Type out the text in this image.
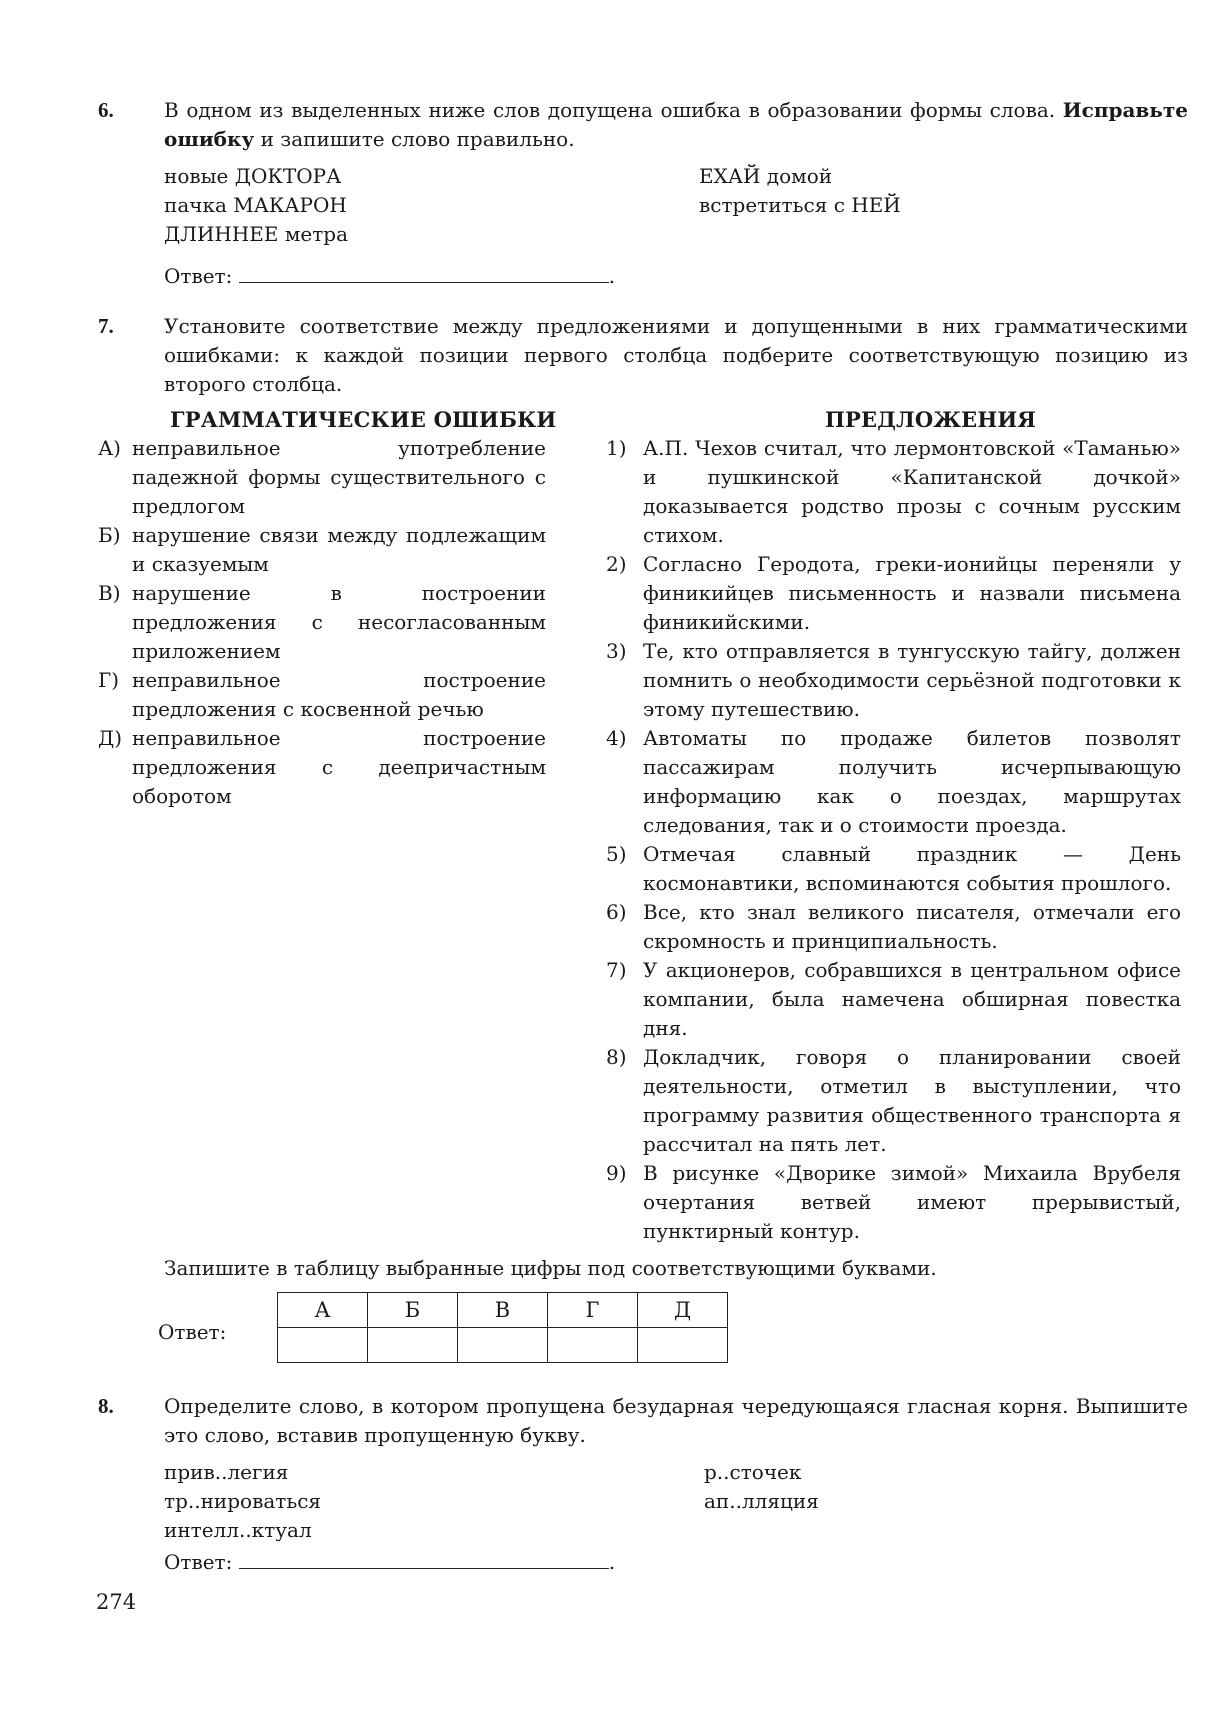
6.	В одном из выделенных ниже слов допущена ошибка в образовании формы слова. Исправьте ошибку и запишите слово правильно.
новые ДОКТОРА
пачка МАКАРОН
ДЛИННЕЕ метра
ЕХАЙ домой
встретиться с НЕЙ
Ответ:	.
7.	Установите соответствие между предложениями и допущенными в них грамматическими ошибками: к каждой позиции первого столбца подберите соответствующую позицию из второго столбца.
ГРАММАТИЧЕСКИЕ ОШИБКИ	ПРЕДЛОЖЕНИЯ
А) неправильное употребление падежной формы существительного с предлогом
Б) нарушение связи между подлежащим и сказуемым
В) нарушение в построении предложения с несогласованным приложением
Г) неправильное построение предложения с косвенной речью
Д) неправильное построение предложения с деепричастным оборотом
1) А.П. Чехов считал, что лермонтовской «Таманью» и пушкинской «Капитанской дочкой» доказывается родство прозы с сочным русским стихом.
2) Согласно Геродота, греки-ионийцы переняли у финикийцев письменность и назвали письмена финикийскими.
3) Те, кто отправляется в тунгусскую тайгу, должен помнить о необходимости серьёзной подготовки к этому путешествию.
4) Автоматы по продаже билетов позволят пассажирам получить исчерпывающую информацию как о поездах, маршрутах следования, так и о стоимости проезда.
5) Отмечая славный праздник — День космонавтики, вспоминаются события прошлого.
6) Все, кто знал великого писателя, отмечали его скромность и принципиальность.
7) У акционеров, собравшихся в центральном офисе компании, была намечена обширная повестка дня.
8) Докладчик, говоря о планировании своей деятельности, отметил в выступлении, что программу развития общественного транспорта я рассчитал на пять лет.
9) В рисунке «Дворике зимой» Михаила Врубеля очертания ветвей имеют прерывистый, пунктирный контур.
Запишите в таблицу выбранные цифры под соответствующими буквами.
Ответ:
А	Б	В	Г	Д

8.	Определите слово, в котором пропущена безударная чередующаяся гласная корня. Выпишите это слово, вставив пропущенную букву.
прив..легия
тр..нироваться
интелл..ктуал
р..сточек
ап..лляция
Ответ:	.
274
